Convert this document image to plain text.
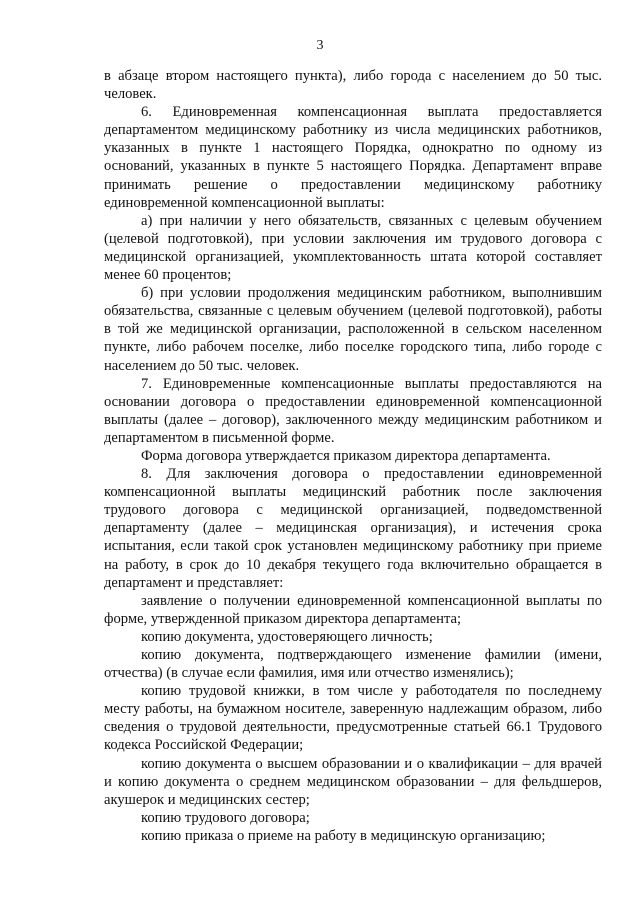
3

в абзаце втором настоящего пункта), либо города с населением до 50 тыс. человек.

6. Единовременная компенсационная выплата предоставляется департаментом медицинскому работнику из числа медицинских работников, указанных в пункте 1 настоящего Порядка, однократно по одному из оснований, указанных в пункте 5 настоящего Порядка. Департамент вправе принимать решение о предоставлении медицинскому работнику единовременной компенсационной выплаты:

а) при наличии у него обязательств, связанных с целевым обучением (целевой подготовкой), при условии заключения им трудового договора с медицинской организацией, укомплектованность штата которой составляет менее 60 процентов;

б) при условии продолжения медицинским работником, выполнившим обязательства, связанные с целевым обучением (целевой подготовкой), работы в той же медицинской организации, расположенной в сельском населенном пункте, либо рабочем поселке, либо поселке городского типа, либо городе с населением до 50 тыс. человек.

7. Единовременные компенсационные выплаты предоставляются на основании договора о предоставлении единовременной компенсационной выплаты (далее – договор), заключенного между медицинским работником и департаментом в письменной форме.

Форма договора утверждается приказом директора департамента.

8. Для заключения договора о предоставлении единовременной компенсационной выплаты медицинский работник после заключения трудового договора с медицинской организацией, подведомственной департаменту (далее – медицинская организация), и истечения срока испытания, если такой срок установлен медицинскому работнику при приеме на работу, в срок до 10 декабря текущего года включительно обращается в департамент и представляет:

заявление о получении единовременной компенсационной выплаты по форме, утвержденной приказом директора департамента;

копию документа, удостоверяющего личность;

копию документа, подтверждающего изменение фамилии (имени, отчества) (в случае если фамилия, имя или отчество изменялись);

копию трудовой книжки, в том числе у работодателя по последнему месту работы, на бумажном носителе, заверенную надлежащим образом, либо сведения о трудовой деятельности, предусмотренные статьей 66.1 Трудового кодекса Российской Федерации;

копию документа о высшем образовании и о квалификации – для врачей и копию документа о среднем медицинском образовании – для фельдшеров, акушерок и медицинских сестер;

копию трудового договора;

копию приказа о приеме на работу в медицинскую организацию;
